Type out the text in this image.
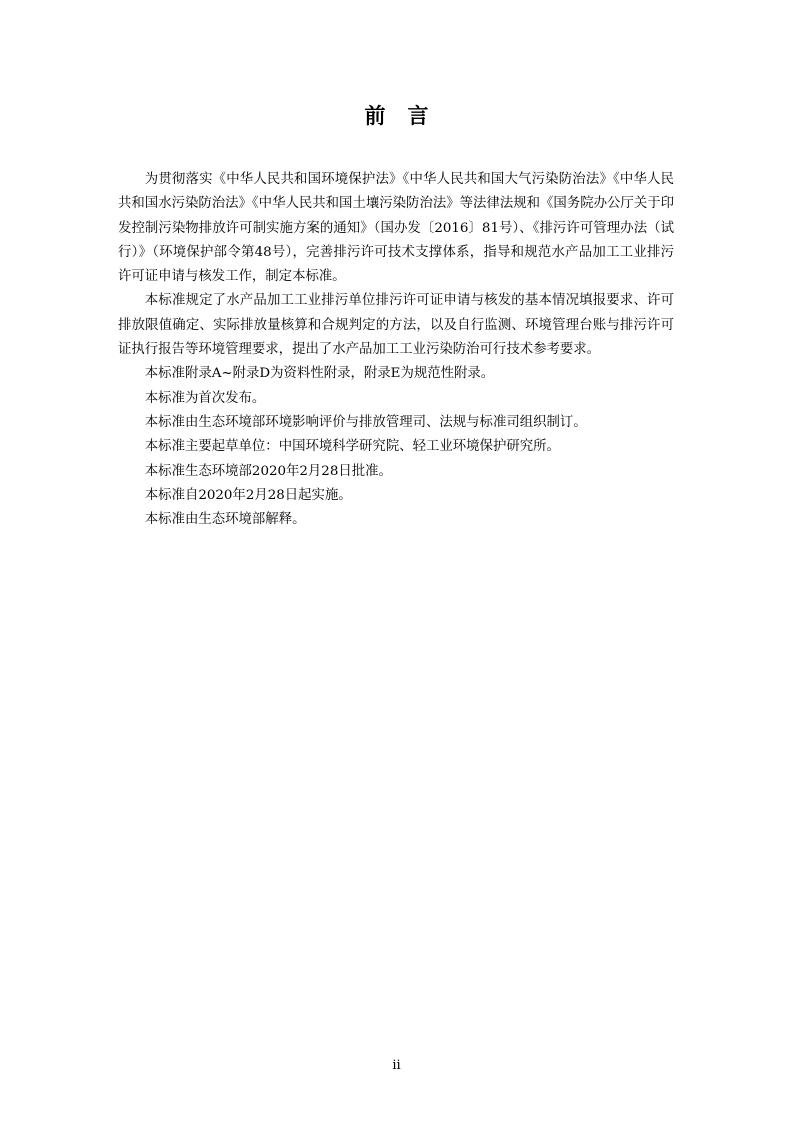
前言

为贯彻落实《中华人民共和国环境保护法》《中华人民共和国大气污染防治法》《中华人民共和国水污染防治法》《中华人民共和国土壤污染防治法》等法律法规和《国务院办公厅关于印发控制污染物排放许可制实施方案的通知》（国办发〔2016〕81号）、《排污许可管理办法（试行）》（环境保护部令第48号），完善排污许可技术支撑体系，指导和规范水产品加工工业排污许可证申请与核发工作，制定本标准。

本标准规定了水产品加工工业排污单位排污许可证申请与核发的基本情况填报要求、许可排放限值确定、实际排放量核算和合规判定的方法，以及自行监测、环境管理台账与排污许可证执行报告等环境管理要求，提出了水产品加工工业污染防治可行技术参考要求。

本标准附录A~附录D为资料性附录，附录E为规范性附录。

本标准为首次发布。

本标准由生态环境部环境影响评价与排放管理司、法规与标准司组织制订。

本标准主要起草单位：中国环境科学研究院、轻工业环境保护研究所。

本标准生态环境部2020年2月28日批准。

本标准自2020年2月28日起实施。

本标准由生态环境部解释。

ii
